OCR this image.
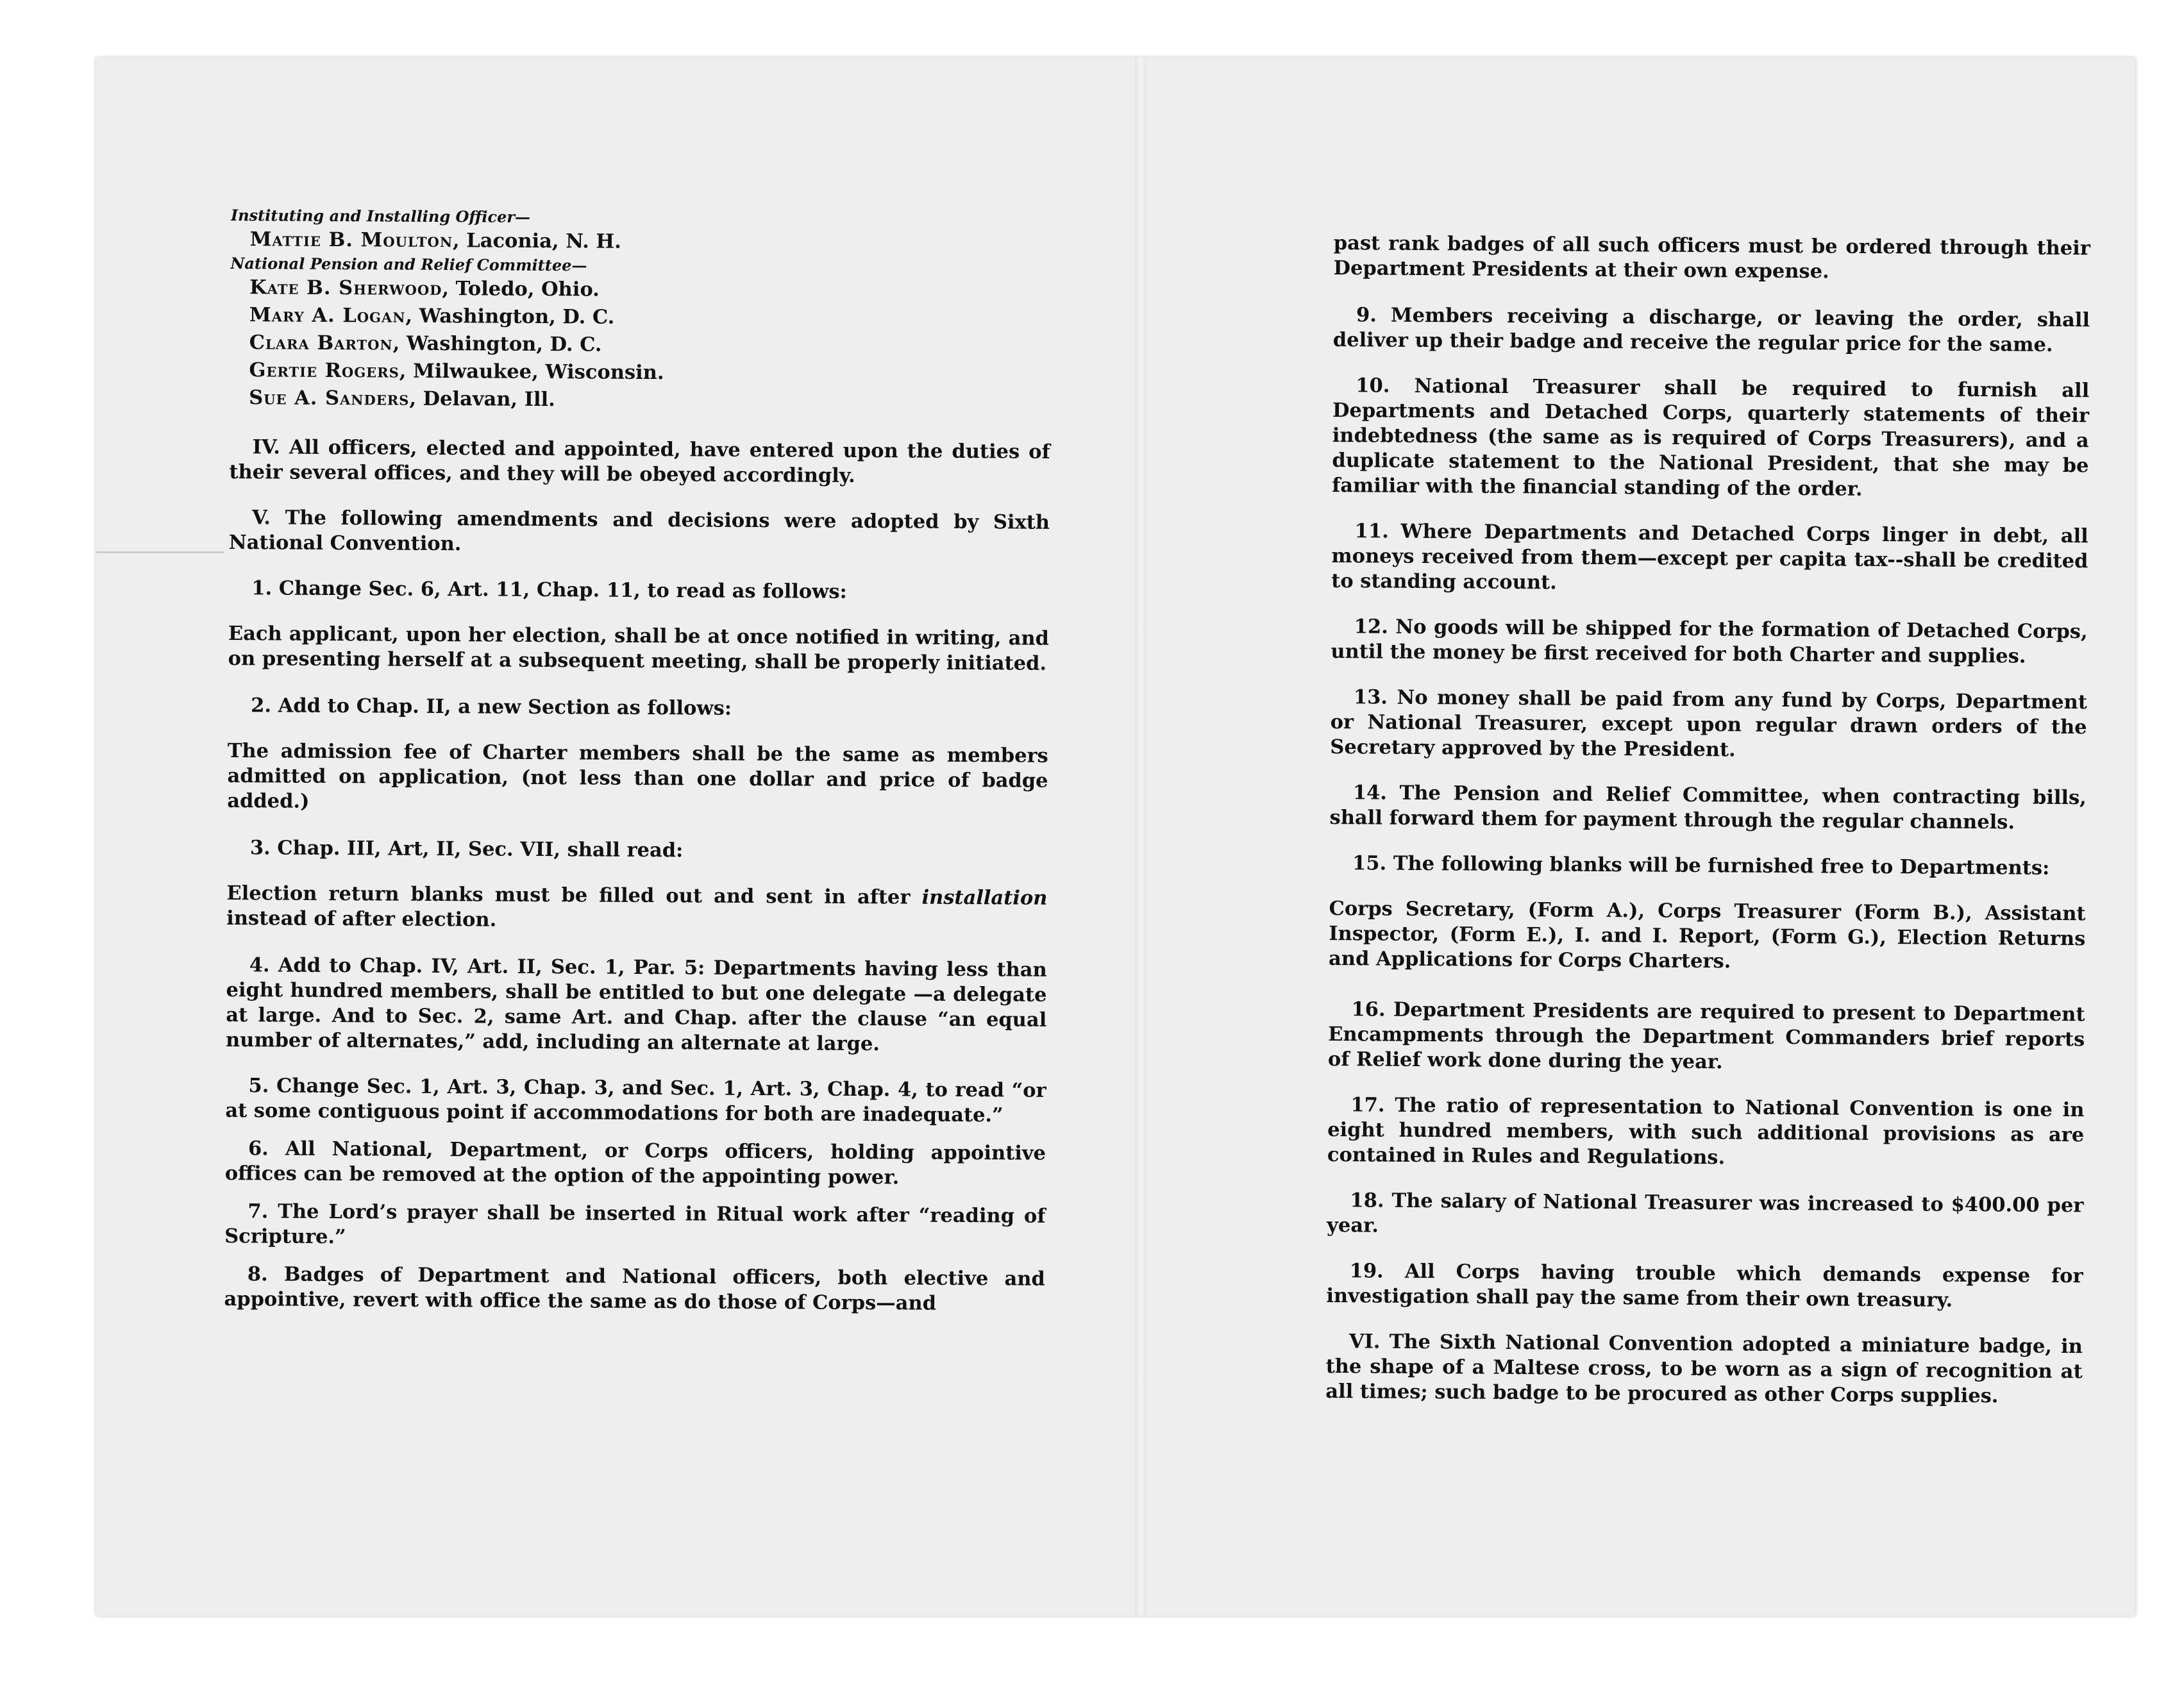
Instituting and Installing Officer—

Mattie B. Moulton, Laconia, N. H.

National Pension and Relief Committee—

Kate B. Sherwood, Toledo, Ohio.

Mary A. Logan, Washington, D. C.

Clara Barton, Washington, D. C.

Gertie Rogers, Milwaukee, Wisconsin.

Sue A. Sanders, Delavan, Ill.

IV. All officers, elected and appointed, have entered upon the duties of their several offices, and they will be obeyed accordingly.

V. The following amendments and decisions were adopted by Sixth National Convention.

1. Change Sec. 6, Art. 11, Chap. 11, to read as follows:

Each applicant, upon her election, shall be at once notified in writing, and on presenting herself at a subsequent meeting, shall be properly initiated.

2. Add to Chap. II, a new Section as follows:

The admission fee of Charter members shall be the same as members admitted on application, (not less than one dollar and price of badge added.)

3. Chap. III, Art, II, Sec. VII, shall read:

Election return blanks must be filled out and sent in after installation instead of after election.

4. Add to Chap. IV, Art. II, Sec. 1, Par. 5: Departments having less than eight hundred members, shall be entitled to but one delegate —a delegate at large. And to Sec. 2, same Art. and Chap. after the clause “an equal number of alternates,” add, including an alternate at large.

5. Change Sec. 1, Art. 3, Chap. 3, and Sec. 1, Art. 3, Chap. 4, to read “or at some contiguous point if accommodations for both are inadequate.”

6. All National, Department, or Corps officers, holding appointive offices can be removed at the option of the appointing power.

7. The Lord’s prayer shall be inserted in Ritual work after “reading of Scripture.”

8. Badges of Department and National officers, both elective and appointive, revert with office the same as do those of Corps—and

past rank badges of all such officers must be ordered through their Department Presidents at their own expense.

9. Members receiving a discharge, or leaving the order, shall deliver up their badge and receive the regular price for the same.

10. National Treasurer shall be required to furnish all Departments and Detached Corps, quarterly statements of their indebtedness (the same as is required of Corps Treasurers), and a duplicate statement to the National President, that she may be familiar with the financial standing of the order.

11. Where Departments and Detached Corps linger in debt, all moneys received from them—except per capita tax--shall be credited to standing account.

12. No goods will be shipped for the formation of Detached Corps, until the money be first received for both Charter and supplies.

13. No money shall be paid from any fund by Corps, Department or National Treasurer, except upon regular drawn orders of the Secretary approved by the President.

14. The Pension and Relief Committee, when contracting bills, shall forward them for payment through the regular channels.

15. The following blanks will be furnished free to Departments:

Corps Secretary, (Form A.), Corps Treasurer (Form B.), Assistant Inspector, (Form E.), I. and I. Report, (Form G.), Election Returns and Applications for Corps Charters.

16. Department Presidents are required to present to Department Encampments through the Department Commanders brief reports of Relief work done during the year.

17. The ratio of representation to National Convention is one in eight hundred members, with such additional provisions as are contained in Rules and Regulations.

18. The salary of National Treasurer was increased to $400.00 per year.

19. All Corps having trouble which demands expense for investigation shall pay the same from their own treasury.

VI. The Sixth National Convention adopted a miniature badge, in the shape of a Maltese cross, to be worn as a sign of recognition at all times; such badge to be procured as other Corps supplies.
